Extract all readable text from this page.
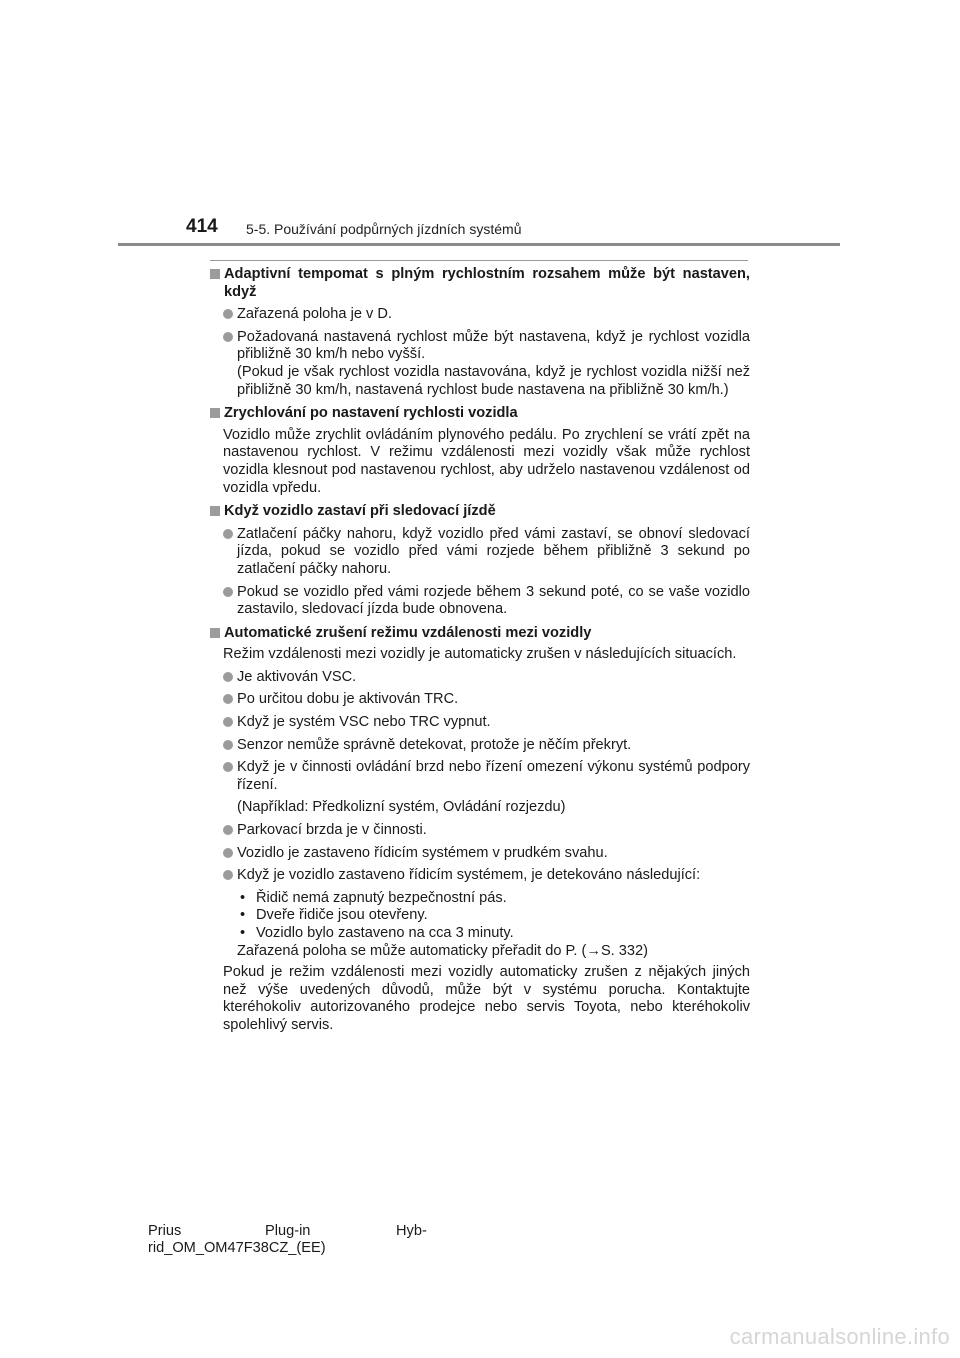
414 5-5. Používání podpůrných jízdních systémů
Adaptivní tempomat s plným rychlostním rozsahem může být nastaven, když
Zařazená poloha je v D.
Požadovaná nastavená rychlost může být nastavena, když je rychlost vozidla přibližně 30 km/h nebo vyšší.
(Pokud je však rychlost vozidla nastavována, když je rychlost vozidla nižší než přibližně 30 km/h, nastavená rychlost bude nastavena na přibližně 30 km/h.)
Zrychlování po nastavení rychlosti vozidla
Vozidlo může zrychlit ovládáním plynového pedálu. Po zrychlení se vrátí zpět na nastavenou rychlost. V režimu vzdálenosti mezi vozidly však může rychlost vozidla klesnout pod nastavenou rychlost, aby udrželo nastavenou vzdálenost od vozidla vpředu.
Když vozidlo zastaví při sledovací jízdě
Zatlačení páčky nahoru, když vozidlo před vámi zastaví, se obnoví sledovací jízda, pokud se vozidlo před vámi rozjede během přibližně 3 sekund po zatlačení páčky nahoru.
Pokud se vozidlo před vámi rozjede během 3 sekund poté, co se vaše vozidlo zastavilo, sledovací jízda bude obnovena.
Automatické zrušení režimu vzdálenosti mezi vozidly
Režim vzdálenosti mezi vozidly je automaticky zrušen v následujících situacích.
Je aktivován VSC.
Po určitou dobu je aktivován TRC.
Když je systém VSC nebo TRC vypnut.
Senzor nemůže správně detekovat, protože je něčím překryt.
Když je v činnosti ovládání brzd nebo řízení omezení výkonu systémů podpory řízení.
(Například: Předkolizní systém, Ovládání rozjezdu)
Parkovací brzda je v činnosti.
Vozidlo je zastaveno řídicím systémem v prudkém svahu.
Když je vozidlo zastaveno řídicím systémem, je detekováno následující:
• Řidič nemá zapnutý bezpečnostní pás.
• Dveře řidiče jsou otevřeny.
• Vozidlo bylo zastaveno na cca 3 minuty.
Zařazená poloha se může automaticky přeřadit do P. (→S. 332)
Pokud je režim vzdálenosti mezi vozidly automaticky zrušen z nějakých jiných než výše uvedených důvodů, může být v systému porucha. Kontaktujte kteréhokoliv autorizovaného prodejce nebo servis Toyota, nebo kteréhokoliv spolehlivý servis.
Prius	Plug-in	Hyb-
rid_OM_OM47F38CZ_(EE)
carmanualsonline.info
